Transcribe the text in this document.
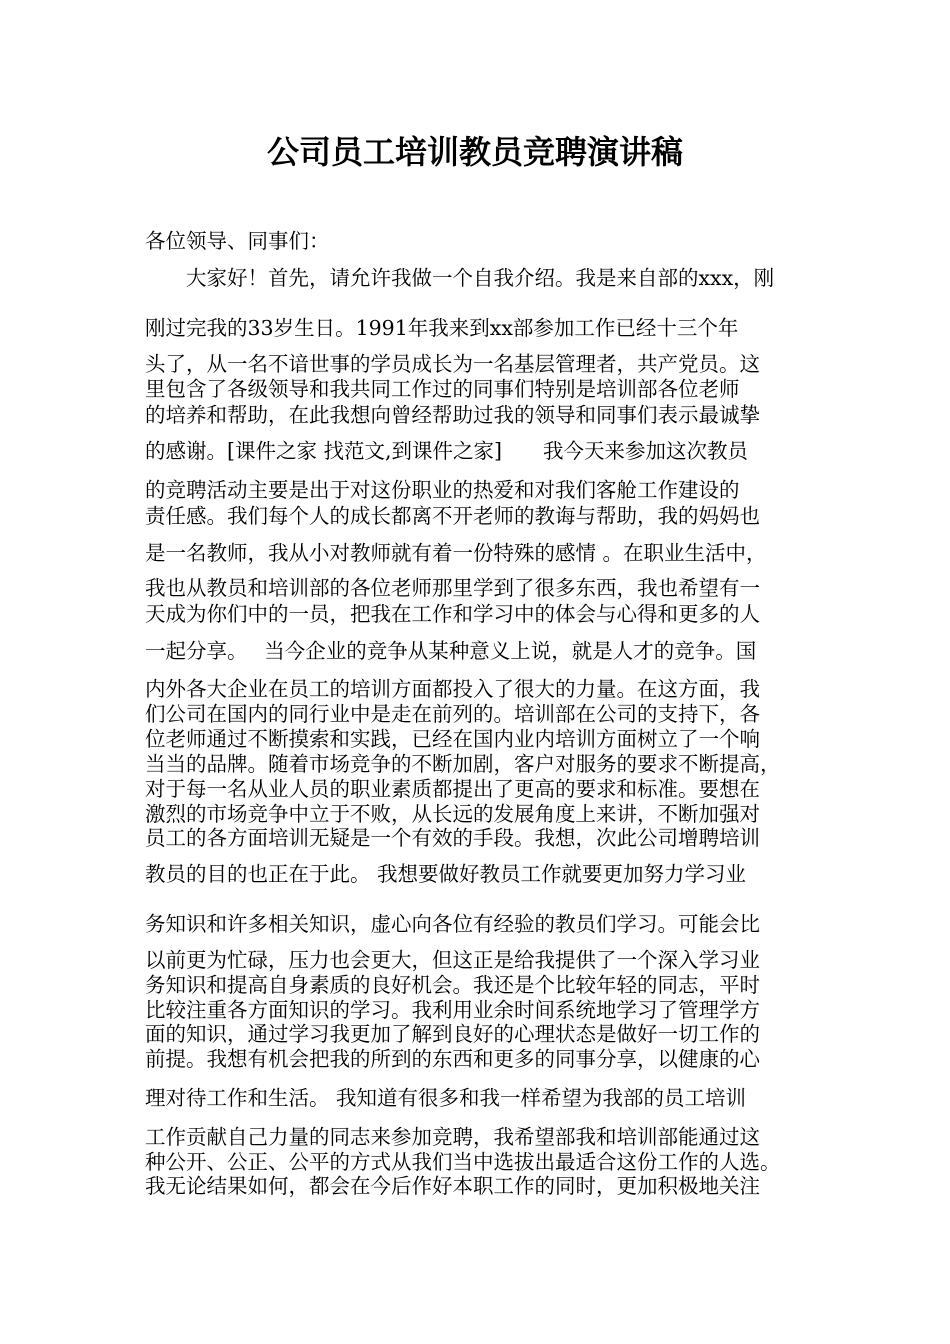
公司员工培训教员竞聘演讲稿
各位领导、同事们：
　　大家好！首先，请允许我做一个自我介绍。我是来自部的xxx，刚
刚过完我的33岁生日。1991年我来到xx部参加工作已经十三个年
头了，从一名不谙世事的学员成长为一名基层管理者，共产党员。这
里包含了各级领导和我共同工作过的同事们特别是培训部各位老师
的培养和帮助，在此我想向曾经帮助过我的领导和同事们表示最诚挚
的感谢。[课件之家 找范文,到课件之家]　　我今天来参加这次教员
的竞聘活动主要是出于对这份职业的热爱和对我们客舱工作建设的
责任感。我们每个人的成长都离不开老师的教诲与帮助，我的妈妈也
是一名教师，我从小对教师就有着一份特殊的感情 。在职业生活中，
我也从教员和培训部的各位老师那里学到了很多东西，我也希望有一
天成为你们中的一员，把我在工作和学习中的体会与心得和更多的人
一起分享。　 当今企业的竞争从某种意义上说，就是人才的竞争。国
内外各大企业在员工的培训方面都投入了很大的力量。在这方面，我
们公司在国内的同行业中是走在前列的。培训部在公司的支持下，各
位老师通过不断摸索和实践，已经在国内业内培训方面树立了一个响
当当的品牌。随着市场竞争的不断加剧，客户对服务的要求不断提高，
对于每一名从业人员的职业素质都提出了更高的要求和标准。要想在
激烈的市场竞争中立于不败，从长远的发展角度上来讲，不断加强对
员工的各方面培训无疑是一个有效的手段。我想，次此公司增聘培训
教员的目的也正在于此。 我想要做好教员工作就要更加努力学习业
务知识和许多相关知识，虚心向各位有经验的教员们学习。可能会比
以前更为忙碌，压力也会更大，但这正是给我提供了一个深入学习业
务知识和提高自身素质的良好机会。我还是个比较年轻的同志，平时
比较注重各方面知识的学习。我利用业余时间系统地学习了管理学方
面的知识，通过学习我更加了解到良好的心理状态是做好一切工作的
前提。我想有机会把我的所到的东西和更多的同事分享，以健康的心
理对待工作和生活。 我知道有很多和我一样希望为我部的员工培训
工作贡献自己力量的同志来参加竞聘，我希望部我和培训部能通过这
种公开、公正、公平的方式从我们当中选拔出最适合这份工作的人选。
我无论结果如何，都会在今后作好本职工作的同时，更加积极地关注
